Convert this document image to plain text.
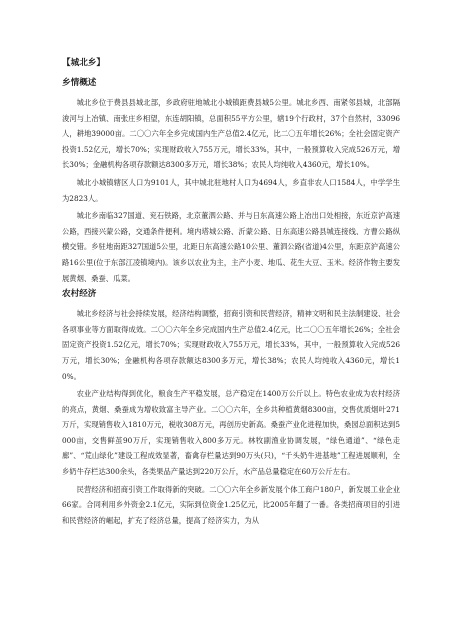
【城北乡】
乡情概述

城北乡位于费县县城北部，乡政府驻地城北小城镇距费县城5公里。城北乡西、南紧邻县城，北部隔浚河与上冶镇、南张庄乡相望，东连胡阳镇，总面积55平方公里，辖19个行政村，37个自然村，33096人，耕地39000亩。二〇〇六年全乡完成国内生产总值2.4亿元，比二〇五年增长26%；全社会固定资产投资1.52亿元，增长70%；实现财政收入755万元，增长33%，其中，一般预算收入完成526万元，增长30%；金融机构各项存款额达8300多万元，增长38%；农民人均纯收入4360元，增长10%。

城北小城镇辖区人口为9101人，其中城北驻地村人口为4694人，乡直非农人口1584人，中学学生为2823人。

城北乡南临327国道、兖石铁路，北京董泗公路、并与日东高速公路上冶出口处相接，东近京沪高速公路，西接兴蒙公路，交通条件便利。境内塔城公路、沂蒙公路、日东高速公路县城连接线、方曹公路纵横交错。乡驻地南距327国道5公里，北距日东高速公路10公里、董泗公路(省道)4公里，东距京沪高速公路16公里(位于东部江凌镇境内)。该乡以农业为主，主产小麦、地瓜、花生大豆、玉米。经济作物主要发展黄烟、桑蚕、瓜菜。

农村经济

城北乡经济与社会持续发展，经济结构调整，招商引资和民营经济，精神文明和民主法制建设、社会各项事业等方面取得成效。二〇〇六年全乡完成国内生产总值2.4亿元，比二〇〇五年增长26%；全社会固定资产投资1.52亿元，增长70%；实现财政收入755万元，增长33%，其中，一般预算收入完成526万元，增长30%；金融机构各项存款额达8300多万元，增长38%；农民人均纯收入4360元，增长10%。

农业产业结构得到优化，粮食生产平稳发展，总产稳定在1400万公斤以上。特色农业成为农村经济的亮点，黄烟、桑蚕成为增收致富主导产业。二〇〇六年，全乡共种植黄烟8300亩，交售优质烟叶271万斤，实现销售收入1810万元，税收308万元，再创历史新高。桑蚕产业化进程加快，桑园总面积达到5000亩，交售鲜茧90万斤，实现销售收入800多万元。林牧副渔业协调发展，“绿色通道”、“绿色走廊”、“荒山绿化”建设工程成效显著，畜禽存栏量达到90万头(只)，“千头奶牛进基地”工程进展顺利，全乡奶牛存栏达300余头，各类果品产量达到220万公斤，水产品总量稳定在60万公斤左右。

民营经济和招商引资工作取得新的突破。二〇〇六年全乡新发展个体工商户180户，新发展工业企业66家。合同利用乡外资金2.1亿元，实际到位资金1.25亿元，比2005年翻了一番。各类招商项目的引进和民营经济的崛起，扩充了经济总量，提高了经济实力，为从
